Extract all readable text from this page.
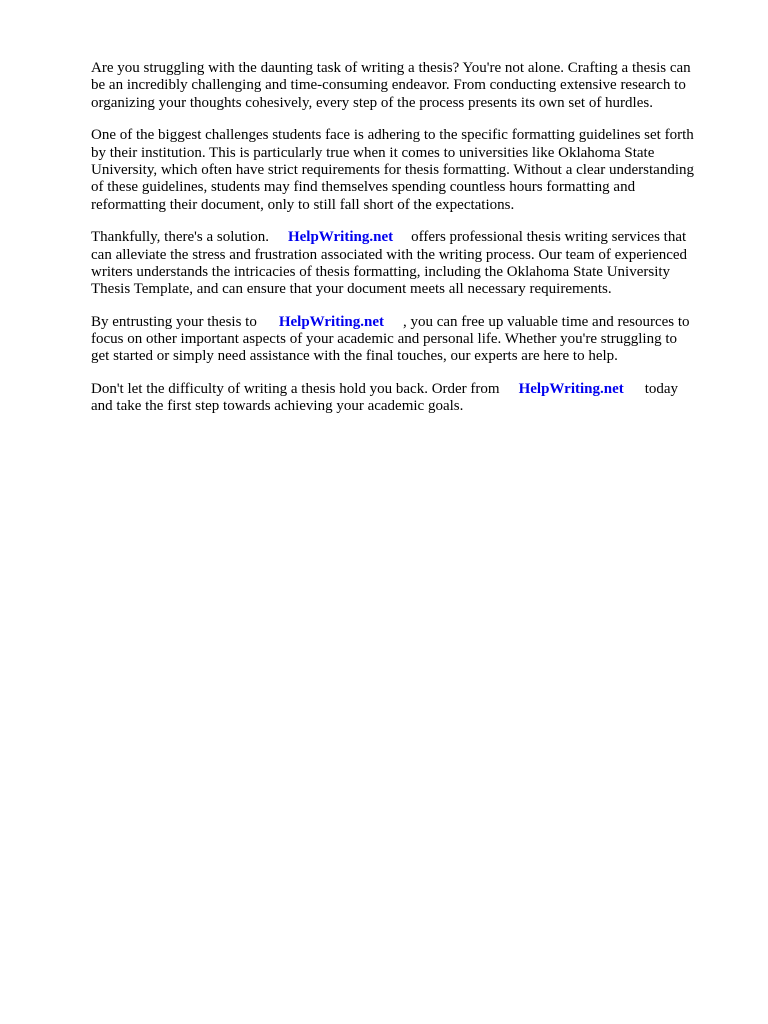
Are you struggling with the daunting task of writing a thesis? You're not alone. Crafting a thesis can
be an incredibly challenging and time-consuming endeavor. From conducting extensive research to
organizing your thoughts cohesively, every step of the process presents its own set of hurdles.

One of the biggest challenges students face is adhering to the specific formatting guidelines set forth
by their institution. This is particularly true when it comes to universities like Oklahoma State
University, which often have strict requirements for thesis formatting. Without a clear understanding
of these guidelines, students may find themselves spending countless hours formatting and
reformatting their document, only to still fall short of the expectations.

Thankfully, there's a solution. HelpWriting.net offers professional thesis writing services that
can alleviate the stress and frustration associated with the writing process. Our team of experienced
writers understands the intricacies of thesis formatting, including the Oklahoma State University
Thesis Template, and can ensure that your document meets all necessary requirements.

By entrusting your thesis to HelpWriting.net , you can free up valuable time and resources to
focus on other important aspects of your academic and personal life. Whether you're struggling to
get started or simply need assistance with the final touches, our experts are here to help.

Don't let the difficulty of writing a thesis hold you back. Order from HelpWriting.net today
and take the first step towards achieving your academic goals.
